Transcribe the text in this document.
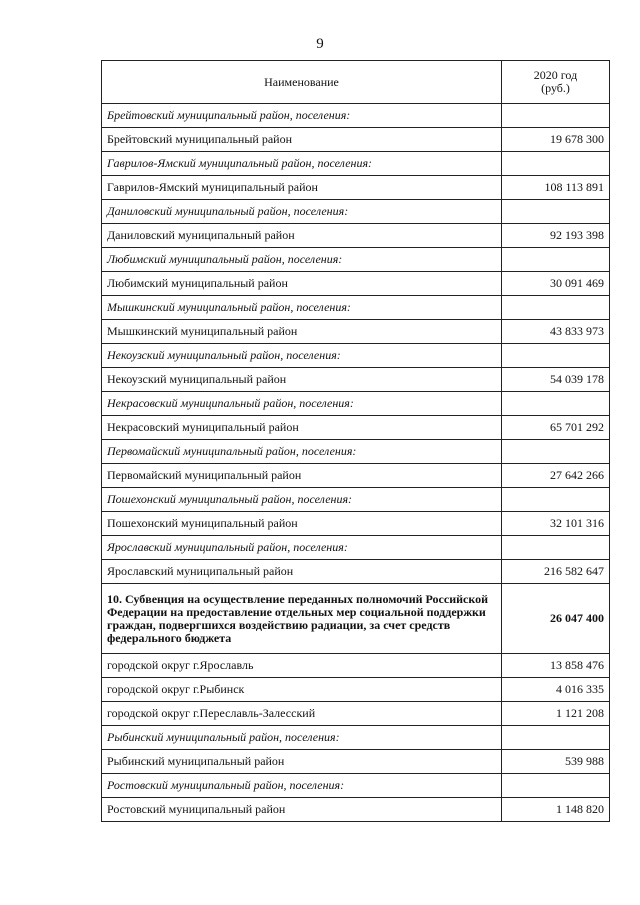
9
Наименование	2020 год
(руб.)

Брейтовский муниципальный район, поселения:	
Брейтовский муниципальный район	19 678 300
Гаврилов-Ямский муниципальный район, поселения:	
Гаврилов-Ямский муниципальный район	108 113 891
Даниловский муниципальный район, поселения:	
Даниловский муниципальный район	92 193 398
Любимский муниципальный район, поселения:	
Любимский муниципальный район	30 091 469
Мышкинский муниципальный район, поселения:	
Мышкинский муниципальный район	43 833 973
Некоузский муниципальный район, поселения:	
Некоузский муниципальный район	54 039 178
Некрасовский муниципальный район, поселения:	
Некрасовский муниципальный район	65 701 292
Первомайский муниципальный район, поселения:	
Первомайский муниципальный район	27 642 266
Пошехонский муниципальный район, поселения:	
Пошехонский муниципальный район	32 101 316
Ярославский муниципальный район, поселения:	
Ярославский муниципальный район	216 582 647
10. Субвенция на осуществление переданных полномочий Российской Федерации на предоставление отдельных мер социальной поддержки граждан, подвергшихся воздействию радиации, за счет средств федерального бюджета	26 047 400
городской округ г.Ярославль	13 858 476
городской округ г.Рыбинск	4 016 335
городской округ г.Переславль-Залесский	1 121 208
Рыбинский муниципальный район, поселения:	
Рыбинский муниципальный район	539 988
Ростовский муниципальный район, поселения:	
Ростовский муниципальный район	1 148 820
